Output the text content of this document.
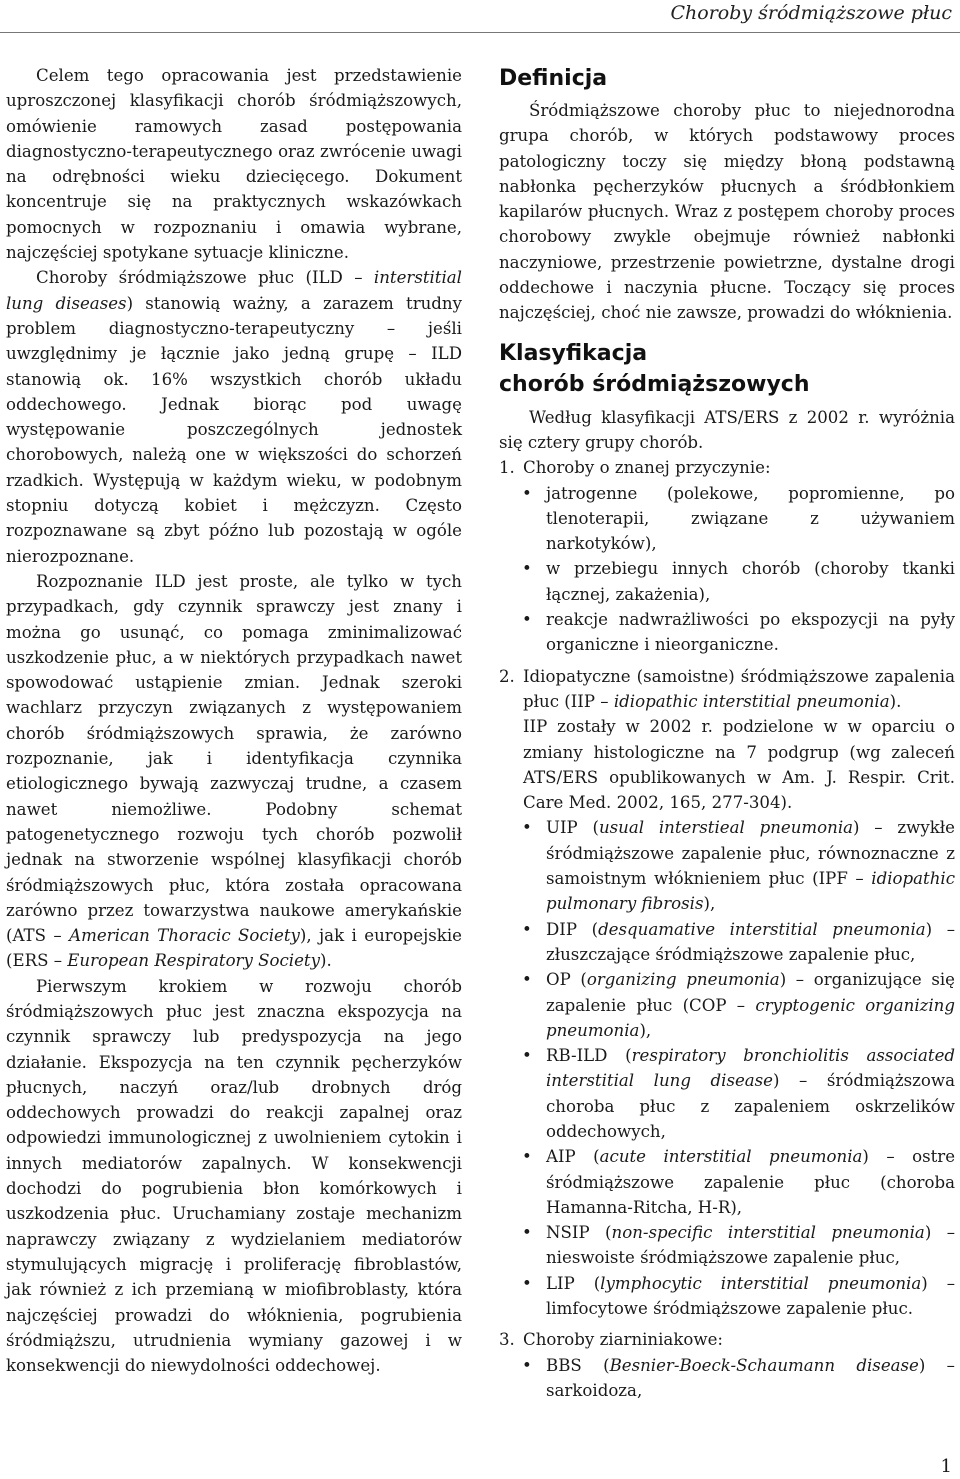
Choroby śródmiąższowe płuc

Celem tego opracowania jest przedstawienie uproszczonej klasyfikacji chorób śródmiąższowych, omówienie ramowych zasad postępowania diagnostyczno-terapeutycznego oraz zwrócenie uwagi na odrębności wieku dziecięcego. Dokument koncentruje się na praktycznych wskazówkach pomocnych w rozpoznaniu i omawia wybrane, najczęściej spotykane sytuacje kliniczne.

Choroby śródmiąższowe płuc (ILD – interstitial lung diseases) stanowią ważny, a zarazem trudny problem diagnostyczno-terapeutyczny – jeśli uwzględnimy je łącznie jako jedną grupę – ILD stanowią ok. 16% wszystkich chorób układu oddechowego. Jednak biorąc pod uwagę występowanie poszczególnych jednostek chorobowych, należą one w większości do schorzeń rzadkich. Występują w każdym wieku, w podobnym stopniu dotyczą kobiet i mężczyzn. Często rozpoznawane są zbyt późno lub pozostają w ogóle nierozpoznane.

Rozpoznanie ILD jest proste, ale tylko w tych przypadkach, gdy czynnik sprawczy jest znany i można go usunąć, co pomaga zminimalizować uszkodzenie płuc, a w niektórych przypadkach nawet spowodować ustąpienie zmian. Jednak szeroki wachlarz przyczyn związanych z występowaniem chorób śródmiąższowych sprawia, że zarówno rozpoznanie, jak i identyfikacja czynnika etiologicznego bywają zazwyczaj trudne, a czasem nawet niemożliwe. Podobny schemat patogenetycznego rozwoju tych chorób pozwolił jednak na stworzenie wspólnej klasyfikacji chorób śródmiąższowych płuc, która została opracowana zarówno przez towarzystwa naukowe amerykańskie (ATS – American Thoracic Society), jak i europejskie (ERS – European Respiratory Society).

Pierwszym krokiem w rozwoju chorób śródmiąższowych płuc jest znaczna ekspozycja na czynnik sprawczy lub predyspozycja na jego działanie. Ekspozycja na ten czynnik pęcherzyków płucnych, naczyń oraz/lub drobnych dróg oddechowych prowadzi do reakcji zapalnej oraz odpowiedzi immunologicznej z uwolnieniem cytokin i innych mediatorów zapalnych. W konsekwencji dochodzi do pogrubienia błon komórkowych i uszkodzenia płuc. Uruchamiany zostaje mechanizm naprawczy związany z wydzielaniem mediatorów stymulujących migrację i proliferację fibroblastów, jak również z ich przemianą w miofibroblasty, która najczęściej prowadzi do włóknienia, pogrubienia śródmiąższu, utrudnienia wymiany gazowej i w konsekwencji do niewydolności oddechowej.

Definicja

Śródmiąższowe choroby płuc to niejednorodna grupa chorób, w których podstawowy proces patologiczny toczy się między błoną podstawną nabłonka pęcherzyków płucnych a śródbłonkiem kapilarów płucnych. Wraz z postępem choroby proces chorobowy zwykle obejmuje również nabłonki naczyniowe, przestrzenie powietrzne, dystalne drogi oddechowe i naczynia płucne. Toczący się proces najczęściej, choć nie zawsze, prowadzi do włóknienia.

Klasyfikacja
chorób śródmiąższowych

Według klasyfikacji ATS/ERS z 2002 r. wyróżnia się cztery grupy chorób.

1. Choroby o znanej przyczynie:
• jatrogenne (polekowe, popromienne, po tlenoterapii, związane z używaniem narkotyków),
• w przebiegu innych chorób (choroby tkanki łącznej, zakażenia),
• reakcje nadwrażliwości po ekspozycji na pyły organiczne i nieorganiczne.
2. Idiopatyczne (samoistne) śródmiąższowe zapalenia płuc (IIP – idiopathic interstitial pneumonia).
IIP zostały w 2002 r. podzielone w w oparciu o zmiany histologiczne na 7 podgrup (wg zaleceń ATS/ERS opublikowanych w Am. J. Respir. Crit. Care Med. 2002, 165, 277-304).
• UIP (usual interstieal pneumonia) – zwykłe śródmiąższowe zapalenie płuc, równoznaczne z samoistnym włóknieniem płuc (IPF – idiopathic pulmonary fibrosis),
• DIP (desquamative interstitial pneumonia) – złuszczające śródmiąższowe zapalenie płuc,
• OP (organizing pneumonia) – organizujące się zapalenie płuc (COP – cryptogenic organizing pneumonia),
• RB-ILD (respiratory bronchiolitis associated interstitial lung disease) – śródmiąższowa choroba płuc z zapaleniem oskrzelików oddechowych,
• AIP (acute interstitial pneumonia) – ostre śródmiąższowe zapalenie płuc (choroba Hamanna-Ritcha, H-R),
• NSIP (non-specific interstitial pneumonia) – nieswoiste śródmiąższowe zapalenie płuc,
• LIP (lymphocytic interstitial pneumonia) – limfocytowe śródmiąższowe zapalenie płuc.
3. Choroby ziarniniakowe:
• BBS (Besnier-Boeck-Schaumann disease) – sarkoidoza,
1
